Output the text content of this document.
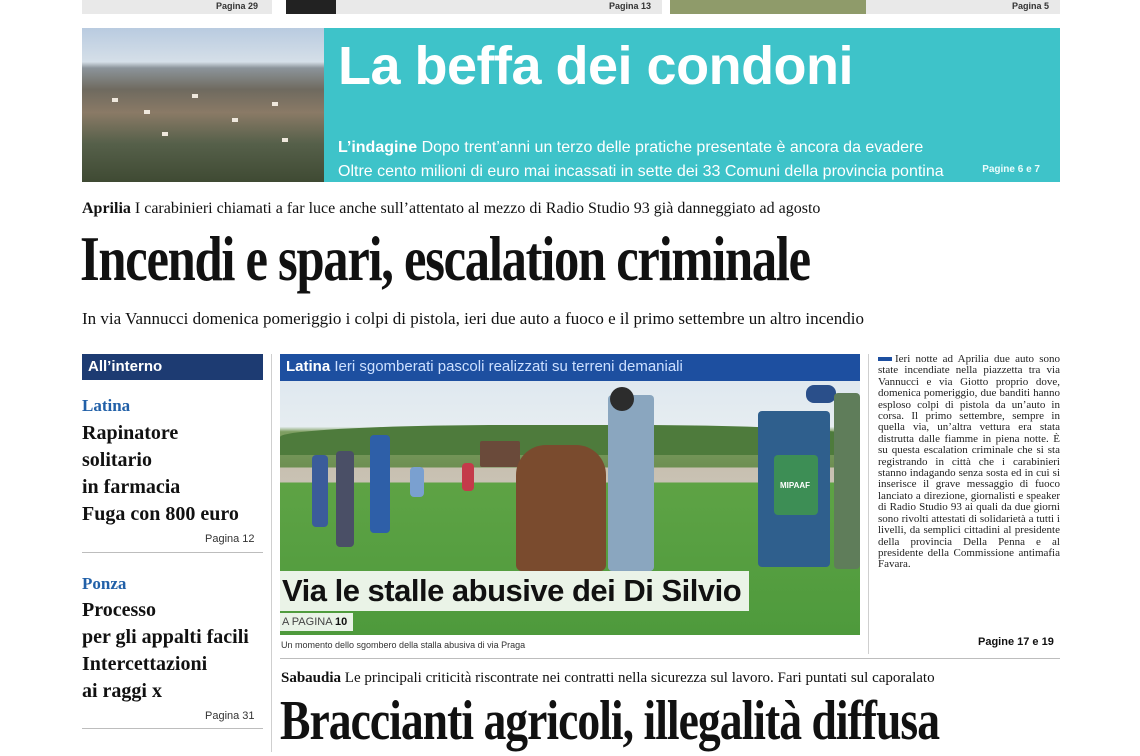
Pagina 29	Pagina 13	Pagina 5
La beffa dei condoni
L’indagine Dopo trent’anni un terzo delle pratiche presentate è ancora da evadere
Oltre cento milioni di euro mai incassati in sette dei 33 Comuni della provincia pontina	Pagine 6 e 7
Aprilia I carabinieri chiamati a far luce anche sull’attentato al mezzo di Radio Studio 93 già danneggiato ad agosto
Incendi e spari, escalation criminale
In via Vannucci domenica pomeriggio i colpi di pistola, ieri due auto a fuoco e il primo settembre un altro incendio
All’interno
Latina
Rapinatore
solitario
in farmacia
Fuga con 800 euro
Pagina 12
Ponza
Processo
per gli appalti facili
Intercettazioni
ai raggi x
Pagina 31
Latina Ieri sgomberati pascoli realizzati su terreni demaniali
MIPAAF
Via le stalle abusive dei Di Silvio
A PAGINA 10
Un momento dello sgombero della stalla abusiva di via Praga
Ieri notte ad Aprilia due auto sono state incendiate nella piazzetta tra via Vannucci e via Giotto proprio dove, domenica pomeriggio, due banditi hanno esploso colpi di pistola da un’auto in corsa. Il primo settembre, sempre in quella via, un’altra vettura era stata distrutta dalle fiamme in piena notte. È su questa escalation criminale che si sta registrando in città che i carabinieri stanno indagando senza sosta ed in cui si inserisce il grave messaggio di fuoco lanciato a direzione, giornalisti e speaker di Radio Studio 93 ai quali da due giorni sono rivolti attestati di solidarietà a tutti i livelli, da semplici cittadini al presidente della provincia Della Penna e al presidente della Commissione antimafia Favara.
Pagine 17 e 19
Sabaudia Le principali criticità riscontrate nei contratti nella sicurezza sul lavoro. Fari puntati sul caporalato
Braccianti agricoli, illegalità diffusa
